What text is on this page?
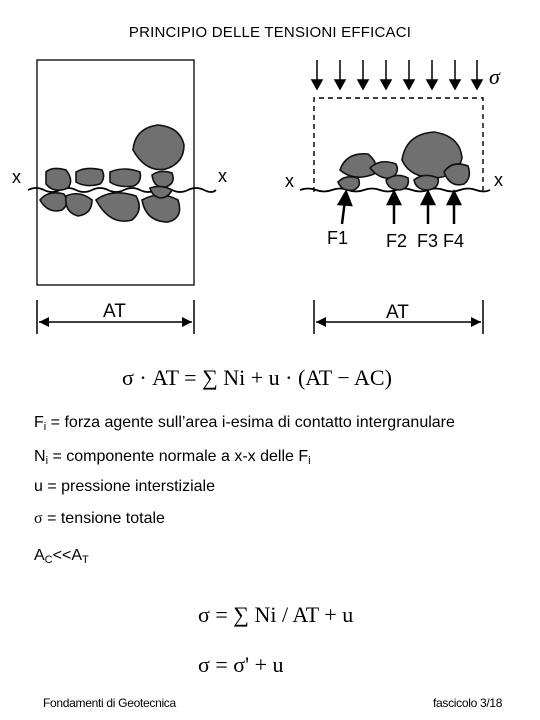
PRINCIPIO DELLE TENSIONI EFFICACI
x	x
AT
σ
x	x
F1 F2 F3 F4
AT
σ · AT = ∑ Ni + u · (AT − AC)
$F_i$ = forza agente sull’area i-esima di contatto intergranulare
$N_i$ = componente normale a x-x delle $F_i$
u = pressione interstiziale
σ = tensione totale
$A_C<<A_T$
σ = ∑ Ni / AT + u
σ = σ' + u
Fondamenti di Geotecnica	fascicolo 3/18
